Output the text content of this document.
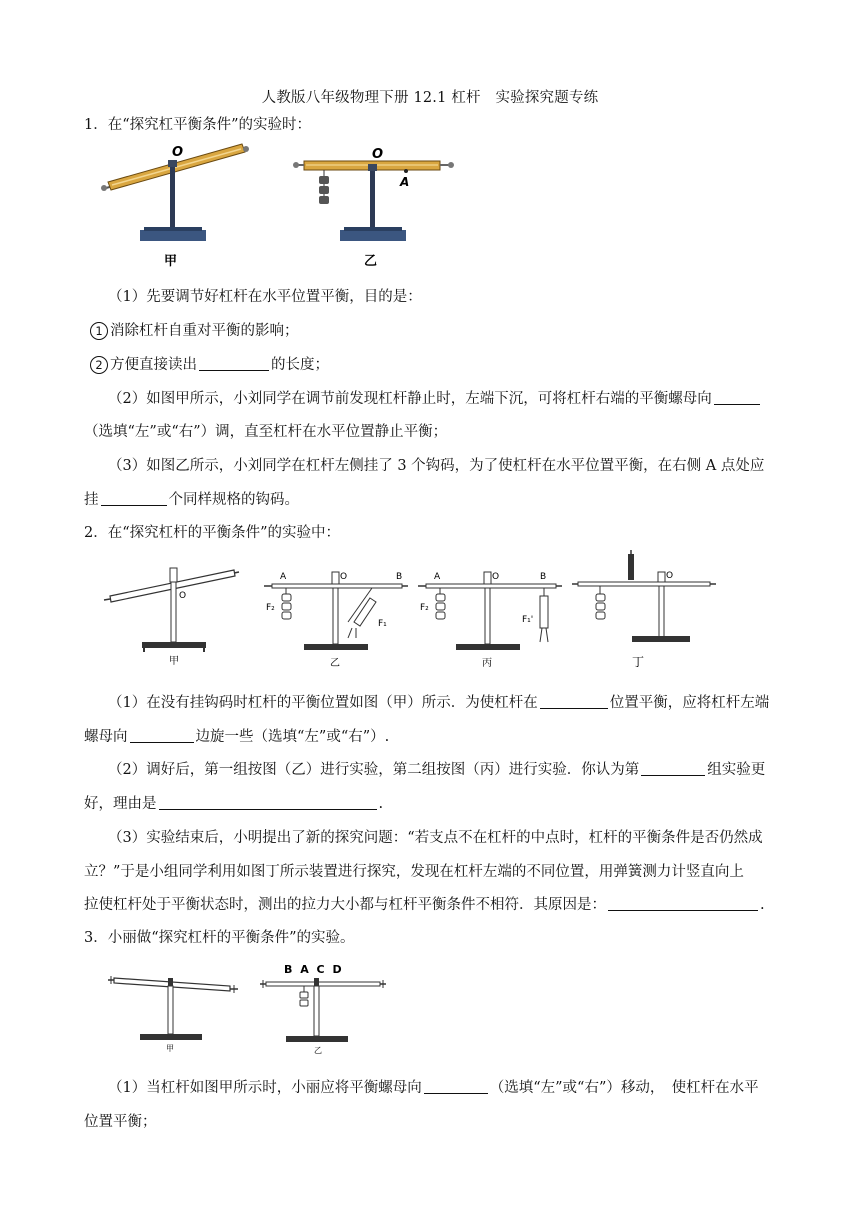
人教版八年级物理下册 12.1 杠杆　实验探究题专练
1．在“探究杠平衡条件”的实验时：
O
甲
O
A
乙
（1）先要调节好杠杆在水平位置平衡，目的是：
1 消除杠杆自重对平衡的影响；
2 方便直接读出	的长度；
（2）如图甲所示，小刘同学在调节前发现杠杆静止时，左端下沉，可将杠杆右端的平衡螺母向
（选填“左”或“右”）调，直至杠杆在水平位置静止平衡；
（3）如图乙所示，小刘同学在杠杆左侧挂了 3 个钩码，为了使杠杆在水平位置平衡，在右侧 A 点处应
挂	个同样规格的钩码。
2．在“探究杠杆的平衡条件”的实验中：
O
甲
A	B
O
F₂
F₁
乙
A	B
O
F₂
F₁'
丙
O
丁
（1）在没有挂钩码时杠杆的平衡位置如图（甲）所示．为使杠杆在	位置平衡，应将杠杆左端
螺母向	边旋一些（选填“左”或“右”）.
（2）调好后，第一组按图（乙）进行实验，第二组按图（丙）进行实验．你认为第	组实验更
好，理由是	.
（3）实验结束后，小明提出了新的探究问题：“若支点不在杠杆的中点时，杠杆的平衡条件是否仍然成
立？”于是小组同学利用如图丁所示装置进行探究，发现在杠杆左端的不同位置，用弹簧测力计竖直向上
拉使杠杆处于平衡状态时，测出的拉力大小都与杠杆平衡条件不相符．其原因是：	.
3．小丽做“探究杠杆的平衡条件”的实验。
甲
B A C D
乙
（1）当杠杆如图甲所示时，小丽应将平衡螺母向	（选填“左”或“右”）移动，　使杠杆在水平
位置平衡；
